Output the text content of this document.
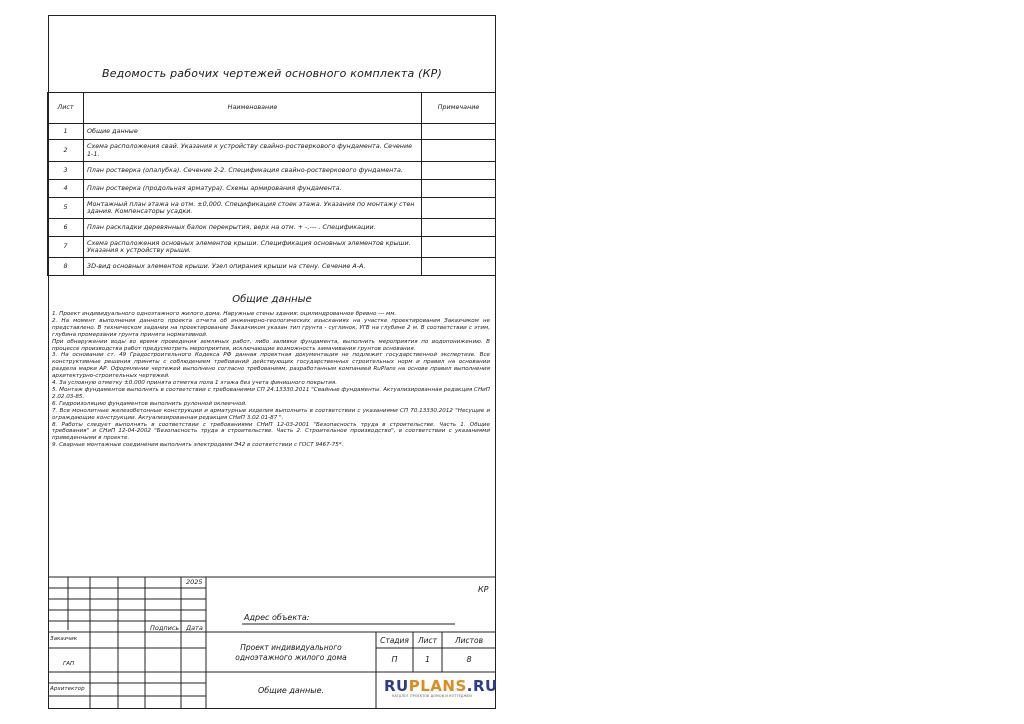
Ведомость рабочих чертежей основного комплекта (КР)
Лист	Наименование	Примечание
1	Общие данные	
2	Схема расположения свай. Указания к устройству свайно-ростверкового фундамента. Сечение 1-1.	
3	План ростверка (опалубка). Сечение 2-2. Спецификация свайно-ростверкового фундамента.	
4	План ростверка (продольная арматура). Схемы армирования фундамента.	
5	Монтажный план этажа на отм. ±0,000. Спецификация стоек этажа. Указания по монтажу стен здания. Компенсаторы усадки.	
6	План раскладки деревянных балок перекрытия, верх на отм. + -,--- . Спецификации.	
7	Схема расположения основных элементов крыши. Спецификация основных элементов крыши. Указания к устройству крыши.	
8	3D-вид основных элементов крыши. Узел опирания крыши на стену. Сечение А-А.	
Общие данные

1. Проект индивидуального одноэтажного жилого дома. Наружные стены здания: оцилиндрованное бревно --- мм.

2. На момент выполнения данного проекта отчета об инженерно-геологических изысканиях на участке проектирования Заказчиком не представлено. В техническом задании на проектирование Заказчиком указан тип грунта - суглинок, УГВ на глубине 2 м. В соответствии с этим, глубина промерзания грунта принята нормативной.

При обнаружении воды во время проведения земляных работ, либо заливки фундамента, выполнить мероприятия по водопонижению. В процессе производства работ предусмотреть мероприятия, исключающие возможность замачивания грунтов основания.

3. На основании ст. 49 Градостроительного Кодекса РФ данная проектная документация не подлежит государственной экспертизе. Все конструктивные решения приняты с соблюдением требований действующих государственных строительных норм и правил на основании раздела марки АР. Оформление чертежей выполнено согласно требованиям, разработанным компанией RuPlans на основе правил выполнения архитектурно-строительных чертежей.

4. За условную отметку ±0.000 принята отметка пола 1 этажа без учета финишного покрытия.

5. Монтаж фундаментов выполнять в соответствии с требованиями СП 24.13330.2011 "Свайные фундаменты. Актуализированная редакция СНиП 2.02.03-85.

6. Гидроизоляцию фундаментов выполнить рулонной оклеечной.

7. Все монолитные железобетонные конструкции и арматурные изделия выполнить в соответствии с указаниями СП 70.13330.2012 "Несущие и ограждающие конструкции. Актуализированная редакция СНиП 3.02.01-87 ".

8. Работы следует выполнять в соответствии с требованиями СНиП 12-03-2001 "Безопасность труда в строительстве. Часть 1. Общие требования" и СНиП 12-04-2002 "Безопасность труда в строительстве. Часть 2. Строительное производство", в соответствии с указаниями приведенными в проекте.

9. Сварные монтажные соединения выполнять электродами Э42 в соответствии с ГОСТ 9467-75*.

2025
КР
Адрес объекта:
Подпись Дата
Заказчик
ГАП
Архитектор
Проект индивидуального одноэтажного жилого дома
Стадия	Лист	Листов
П	1	8
Общие данные.	RUPLANS.RU
КАТАЛОГ ПРОЕКТОВ ДОМОВ И КОТТЕДЖЕЙ
